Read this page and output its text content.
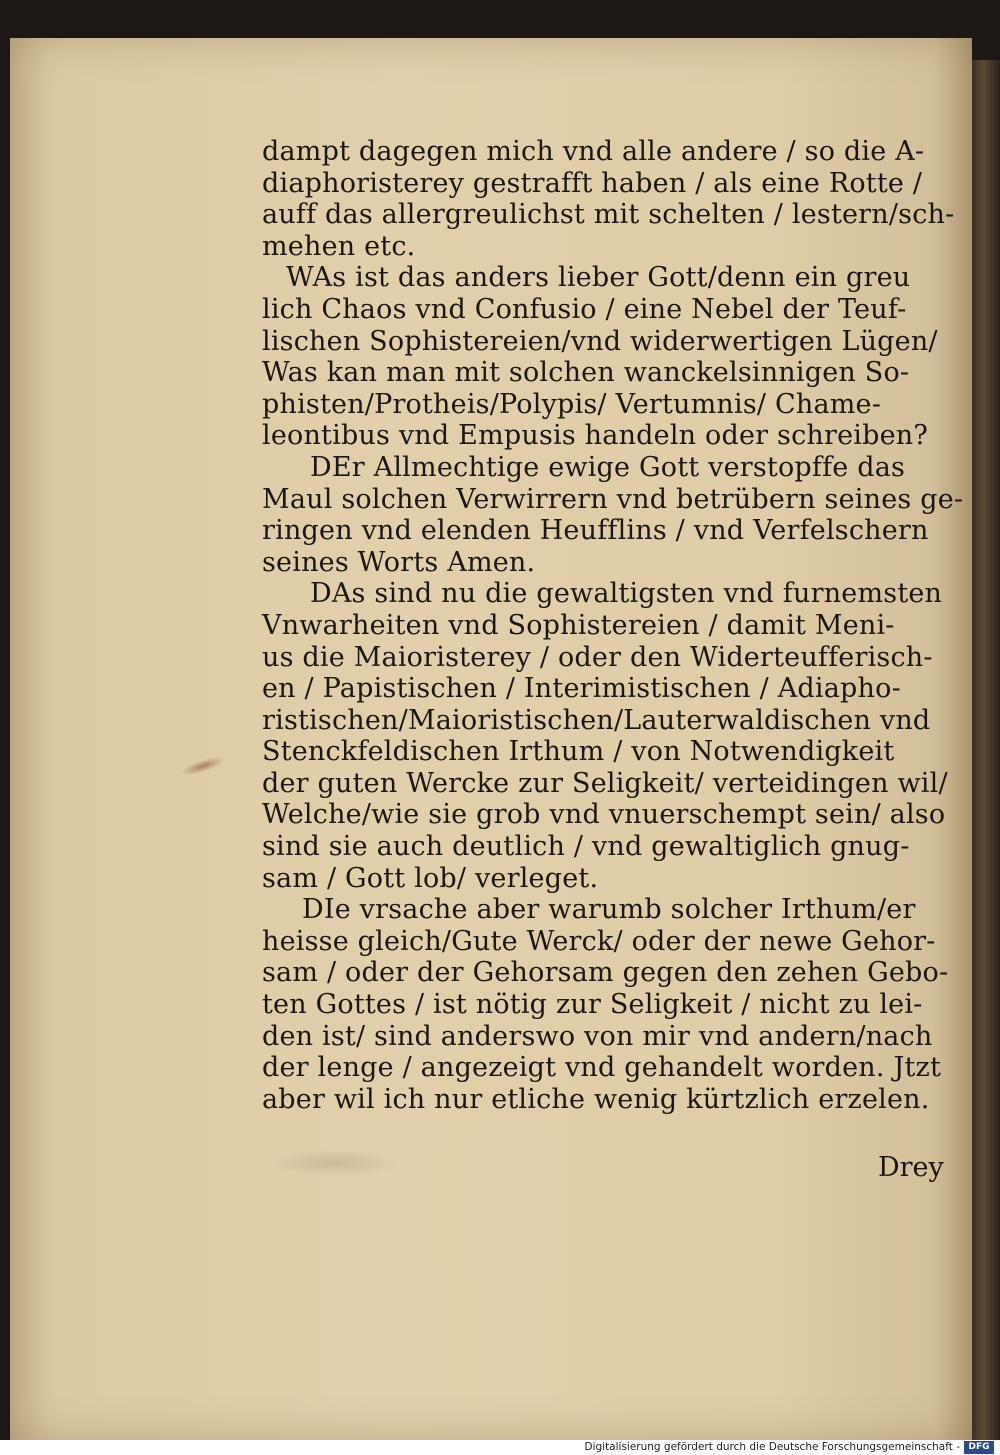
dampt dagegen mich vnd alle andere / so die A-
diaphoristerey gestrafft haben / als eine Rotte /
auff das allergreulichst mit schelten / lestern/sch-
mehen etc.
WAs ist das anders lieber Gott/denn ein greu
lich Chaos vnd Confusio / eine Nebel der Teuf-
lischen Sophistereien/vnd widerwertigen Lügen/
Was kan man mit solchen wanckelsinnigen So-
phisten/Protheis/Polypis/ Vertumnis/ Chame-
leontibus vnd Empusis handeln oder schreiben?
DEr Allmechtige ewige Gott verstopffe das
Maul solchen Verwirrern vnd betrübern seines ge-
ringen vnd elenden Heufflins / vnd Verfelschern
seines Worts Amen.
DAs sind nu die gewaltigsten vnd furnemsten
Vnwarheiten vnd Sophistereien / damit Meni-
us die Maioristerey / oder den Widerteufferisch-
en / Papistischen / Interimistischen / Adiapho-
ristischen/Maioristischen/Lauterwaldischen vnd
Stenckfeldischen Irthum / von Notwendigkeit
der guten Wercke zur Seligkeit/ verteidingen wil/
Welche/wie sie grob vnd vnuerschempt sein/ also
sind sie auch deutlich / vnd gewaltiglich gnug-
sam / Gott lob/ verleget.
DIe vrsache aber warumb solcher Irthum/er
heisse gleich/Gute Werck/ oder der newe Gehor-
sam / oder der Gehorsam gegen den zehen Gebo-
ten Gottes / ist nötig zur Seligkeit / nicht zu lei-
den ist/ sind anderswo von mir vnd andern/nach
der lenge / angezeigt vnd gehandelt worden. Jtzt
aber wil ich nur etliche wenig kürtzlich erzelen.
Drey
Digitalisierung gefördert durch die Deutsche Forschungsgemeinschaft - DFG
